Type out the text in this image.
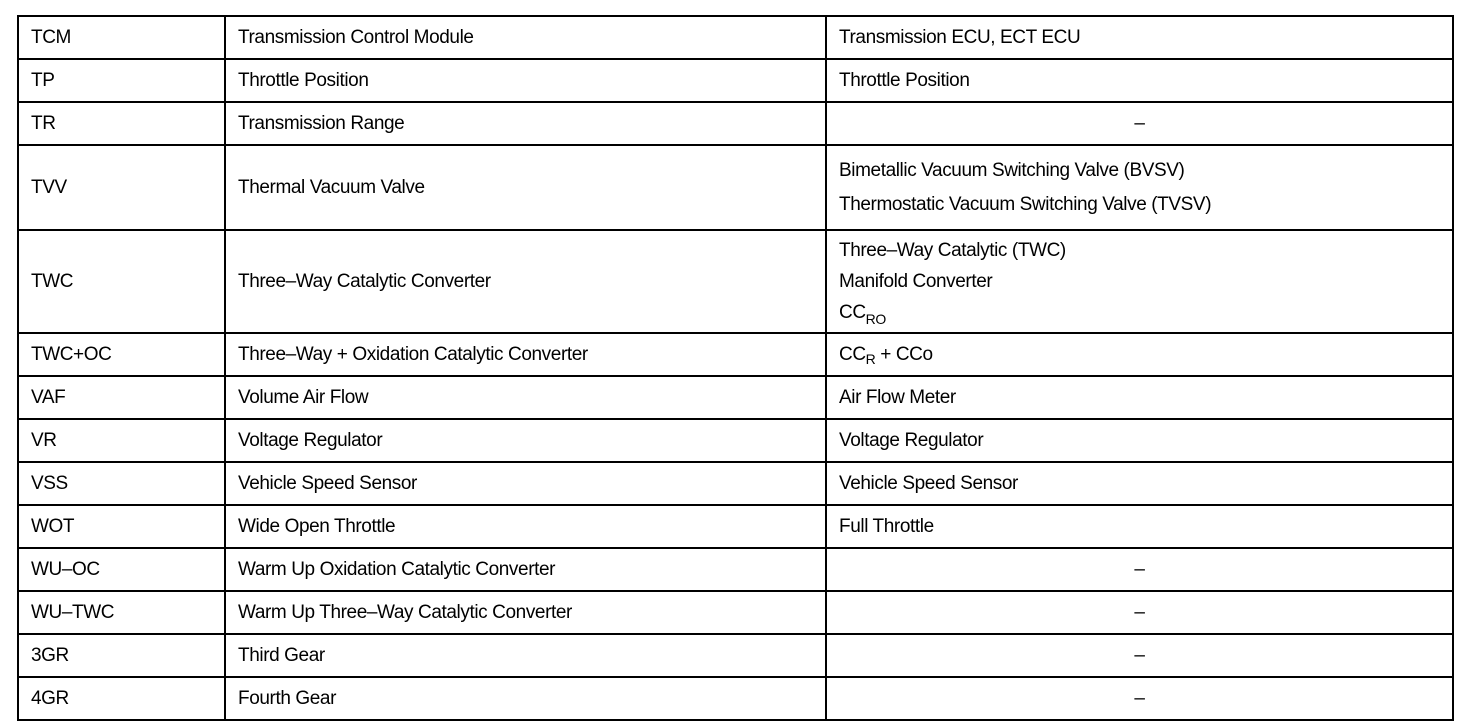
TCM	Transmission Control Module	Transmission ECU, ECT ECU

TP	Throttle Position	Throttle Position

TR	Transmission Range	–

TVV	Thermal Vacuum Valve	Bimetallic Vacuum Switching Valve (BVSV)
Thermostatic Vacuum Switching Valve (TVSV)

TWC	Three–Way Catalytic Converter	Three–Way Catalytic (TWC)
Manifold Converter
$CC_{RO}$

TWC+OC	Three–Way + Oxidation Catalytic Converter	$CC_R$ + CCo

VAF	Volume Air Flow	Air Flow Meter

VR	Voltage Regulator	Voltage Regulator

VSS	Vehicle Speed Sensor	Vehicle Speed Sensor

WOT	Wide Open Throttle	Full Throttle

WU–OC	Warm Up Oxidation Catalytic Converter	–

WU–TWC	Warm Up Three–Way Catalytic Converter	–

3GR	Third Gear	–

4GR	Fourth Gear	–
